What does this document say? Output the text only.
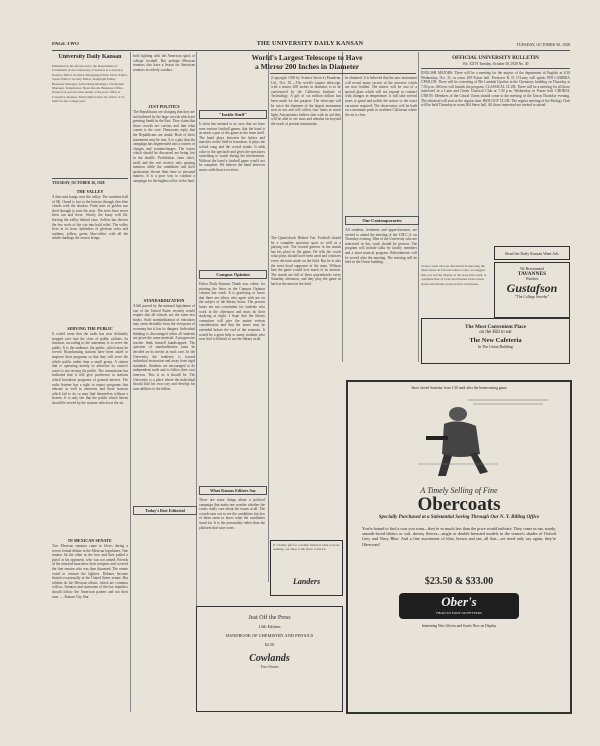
PAGE TWO	THE UNIVERSITY DAILY KANSAN	TUESDAY, OCTOBER 30, 1928
University Daily Kansan
Published in the afternoon by the Department of Journalism of the University of Kansas at Lawrence, Kansas. Editor in Chief, Managing Editor, News Editor, Sports Editor, Society Editor, Telegraph Editor, Business Manager, Advertising Manager, Circulation Manager. Telephones: News Room, Business Office. Entered as second class matter at the post office at Lawrence, Kansas. Subscription rates by carrier or by mail for the college year.
TUESDAY, OCTOBER 30, 1928
THE VALLEY
A thin mist hangs over the valley. The southern half of Mt. Oread is lost to the bottom through thin blue clouds with the shadow. Faint tints of golden sun shed through to tone the mist. The trees have never been tan and there. Slowly the busty will lift, leaving the valley behind once. Sallow has thrown the few roofs of the city into bold relief. The valley lives in its hour. Splendors of glorious color and outlines, yellow, green, blue-white, with all the subtle shadings the season brings.
SERVING THE PUBLIC
It would seem that the radio has now definitely stepped over into the class of public utilities. Its function, according to the statement, is to serve the public. It is the audience, the public, which must be served. Broadcasting stations have been asked to improve their programs so that they will serve the whole public rather than a small group. A station that is operating merely to advertise its owner's wares is not serving the public. The commission has indicated that it will give preference to stations which broadcast programs of general interest. The radio listener has a right to expect programs that educate as well as entertain, and those stations which fail to do so may find themselves without a license. It is only fair that the public which listens should be served by the stations which use the air.
IN MEXICAN SENATE
Two Mexican senators came to blows during a recent formal debate in the Mexican legislature. One senator hit the other in the face and then pulled a pistol at his opponent, who was not armed. Friends of the attacked man drew their weapons and covered the first senator who was then disarmed. The senate voted to censure the fighters. Debates become heated occasionally in the United States senate. But seldom do the Mexican affairs, which are common with us. Senators and statesmen of the two republics should follow the American pattern and not their own. — Kansas City Star
hold fighting with the American spirit of college football. But perhaps Mexican senators also have a lesson for American senators in orderly conduct.
JUST POLITICS
The Republicans are charging that they are not bothered by the huge crowds which are greeting Smith in the East. They claim that those crowds are curious and that what counts is the vote. Democrats reply that the Republicans are afraid. Both of these statements may be true. It is a pity that the campaign has degenerated into a contest of charges and countercharges. The issues which should be discussed are being lost in the shuffle. Prohibition, farm relief, tariff and the rest receive only passing mention while the candidates and their spokesmen devote their time to personal matters. It is a poor way to conduct a campaign for the highest office in the land.
STANDARDIZATION
A bill passed by the national legislature of one of the United States recently would require that all schools use the same text books. Such standardization of education may seem desirable from the viewpoint of economy but it has its dangers. Individual thinking is discouraged when all students are given the same material. A progressive teacher finds himself handicapped. The question of standardization must be decided on its merits in each case. In the University the tendency is toward individual instruction and away from rigid standards. Students are encouraged to do independent work and to follow their own interests. This is as it should be. The University is a place where the individual should find his own way and develop his own abilities to the fullest.
World's Largest Telescope to Have
a Mirror 200 Inches in Diameter
"Inside Stuff"
It often has seemed to us, now that we have seen various football games, that the band is as much a part of the game as the team itself. The band plays between the halves and marches on the field in formation. It plays the school song and the crowd stands. It adds color to the spectacle and gives the spectators something to watch during the intermission. Without the band a football game would not be complete. We believe the band deserves more credit than it receives.
Campus Opinion
Editor Daily Kansan: Thank you, editor, for printing the letter in the Campus Opinion column last week. It is gratifying to know that there are others who agree with me on the subject of the library hours. The present hours are not convenient for students who work in the afternoon and must do their studying at night. I hope that the library committee will give the matter serious consideration and that the hours may be extended before the end of the semester. It would be a great help to many students who now find it difficult to use the library at all.
What Kansas Editors Say
There are some things about a political campaign that make one wonder whether the voters really care about the issues at all. The crowds turn out to see the candidates but few of them seem to know what the candidates stand for. It is the personality rather than the platform that wins votes.
Today's Best Editorial
(Copyright 1928 by Science Service) Pasadena, Cal., Oct. 30.—The world's largest telescope, with a mirror 200 inches in diameter, is to be constructed by the California Institute of Technology. A gift of six million dollars has been made for the purpose. The telescope will be twice the diameter of the largest instrument now in use and will collect four times as much light. Astronomers believe that with its aid they will be able to see stars and nebulae far beyond the reach of present instruments.
Our Contemporaries
The Quarterback Behind You. Football should be a complete spectator sport as well as a playing one. The second guesser in the stands has his place in the game. He tells the coach what plays should have been used and criticizes every decision made on the field. But he is also the most loyal supporter of the team. Without him the game would lose much of its interest. The stands are full of these quarterbacks every Saturday afternoon, and they play the game as hard as the men on the field.
be obtained. It is believed that the new instrument will reveal many secrets of the universe which are now hidden. The mirror will be cast of a special glass which will not expand or contract with changes in temperature. It will take several years to grind and polish the mirror to the exact curvature required. The observatory will be built on a mountain peak in southern California where the air is clear.
All students, freshmen and upperclassmen, are invited to attend the meeting of the Y.M.C.A. on Thursday evening. Men of the University who are interested in this work should be present. The program will include talks by faculty members and a short musical program. Refreshments will be served after the meeting. The meeting will be held in the Union building.
OFFICIAL UNIVERSITY BULLETIN
Vol. XXVI Tuesday, October 30, 1928 No. 40
ENGLISH MAJORS: There will be a meeting for the majors of the department of English at 4:30 Wednesday, Oct. 31, in room 209 Fraser hall. Professor R. D. O'Leary will speak. PHI LAMBDA UPSILON: There will be a meeting of Phi Lambda Upsilon in the Chemistry building on Thursday at 7:30 p.m. Officers will furnish the program. CLASSICAL CLUB: There will be a meeting for all those interested in a Latin and Greek Classical Club at 7:30 p.m. Wednesday in Fraser hall. CHORAL UNION: Members of the Choral Union should come to the meeting of the Union Thursday evening. The rehearsal will start at the regular time. BIOLOGY CLUB: The regular meeting of the Biology Club will be held Thursday in room 304 Snow hall. All those interested are invited to attend.
Read the Daily Kansan Want Ads
To the coeds who are interested in knowing the latest styles in fall and winter coats, we suggest that you see the display at the store this week. A complete line of coats and dresses in the latest styles and shades at prices that will please.
We Recommend
TAVANNES
Watches
Gustafson
"The College Jeweler"
The Most Convenient Place
on the Hill to eat
The New Cafeteria
In The Union Building
If a dainty gift for a dainty friend is what you are seeking, our shop is the place to find it.
Landers
Just Off the Press
13th Edition
HANDBOOK OF CHEMISTRY AND PHYSICS
$2.50
Cowlands
Two Stores
Store closed Saturday from 1:30 until after the homecoming game
A Timely Selling of Fine
Obercoats
Specially Purchased at a Substantial Saving Through Our N. Y. Billing Office
You're bound to find a coat you want—they're so much less than the price would indicate. They come in tan, sturdy, smooth-faced fabrics or soft, downy fleeces—single or double breasted models in the season's shades of Oxford Grey and Navy Blue. And a fine assortment of blue, brown and tan, all that—we need only say again, they're Obercoats!
$23.50 & $33.00
Ober's
HEAD TO FOOT OUTFITTERS
Interesting New Gloves and Scarfs Now on Display
